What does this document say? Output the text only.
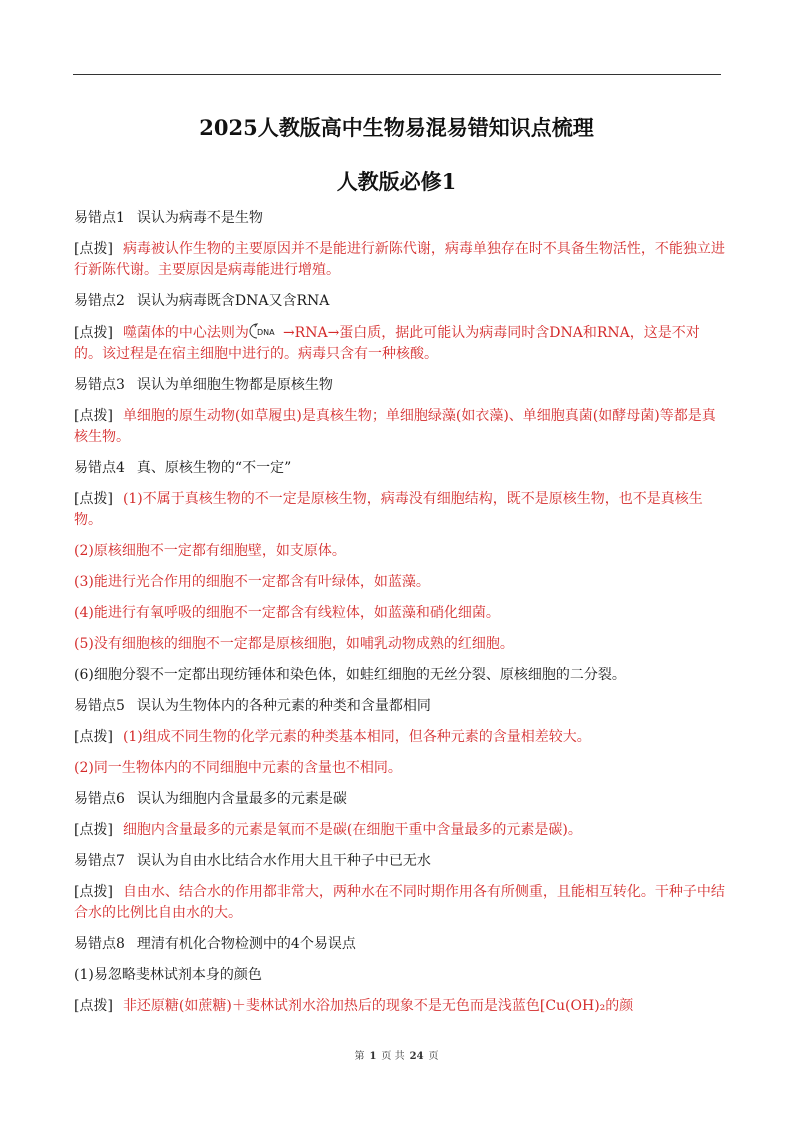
2025人教版高中生物易混易错知识点梳理
人教版必修1
易错点1 误认为病毒不是生物
[点拨] 病毒被认作生物的主要原因并不是能进行新陈代谢，病毒单独存在时不具备生物活性，不能独立进行新陈代谢。主要原因是病毒能进行增殖。
易错点2 误认为病毒既含DNA又含RNA
[点拨] 噬菌体的中心法则为 DNA →RNA→蛋白质，据此可能认为病毒同时含DNA和RNA，这是不对的。该过程是在宿主细胞中进行的。病毒只含有一种核酸。
易错点3 误认为单细胞生物都是原核生物
[点拨] 单细胞的原生动物(如草履虫)是真核生物；单细胞绿藻(如衣藻)、单细胞真菌(如酵母菌)等都是真核生物。
易错点4 真、原核生物的“不一定”
[点拨] (1)不属于真核生物的不一定是原核生物，病毒没有细胞结构，既不是原核生物，也不是真核生物。
(2)原核细胞不一定都有细胞壁，如支原体。
(3)能进行光合作用的细胞不一定都含有叶绿体，如蓝藻。
(4)能进行有氧呼吸的细胞不一定都含有线粒体，如蓝藻和硝化细菌。
(5)没有细胞核的细胞不一定都是原核细胞，如哺乳动物成熟的红细胞。
(6)细胞分裂不一定都出现纺锤体和染色体，如蛙红细胞的无丝分裂、原核细胞的二分裂。
易错点5 误认为生物体内的各种元素的种类和含量都相同
[点拨] (1)组成不同生物的化学元素的种类基本相同，但各种元素的含量相差较大。
(2)同一生物体内的不同细胞中元素的含量也不相同。
易错点6 误认为细胞内含量最多的元素是碳
[点拨] 细胞内含量最多的元素是氧而不是碳(在细胞干重中含量最多的元素是碳)。
易错点7 误认为自由水比结合水作用大且干种子中已无水
[点拨] 自由水、结合水的作用都非常大，两种水在不同时期作用各有所侧重，且能相互转化。干种子中结合水的比例比自由水的大。
易错点8 理清有机化合物检测中的4个易误点
(1)易忽略斐林试剂本身的颜色
[点拨] 非还原糖(如蔗糖)＋斐林试剂水浴加热后的现象不是无色而是浅蓝色[Cu(OH)₂的颜
第 1 页 共 24 页
